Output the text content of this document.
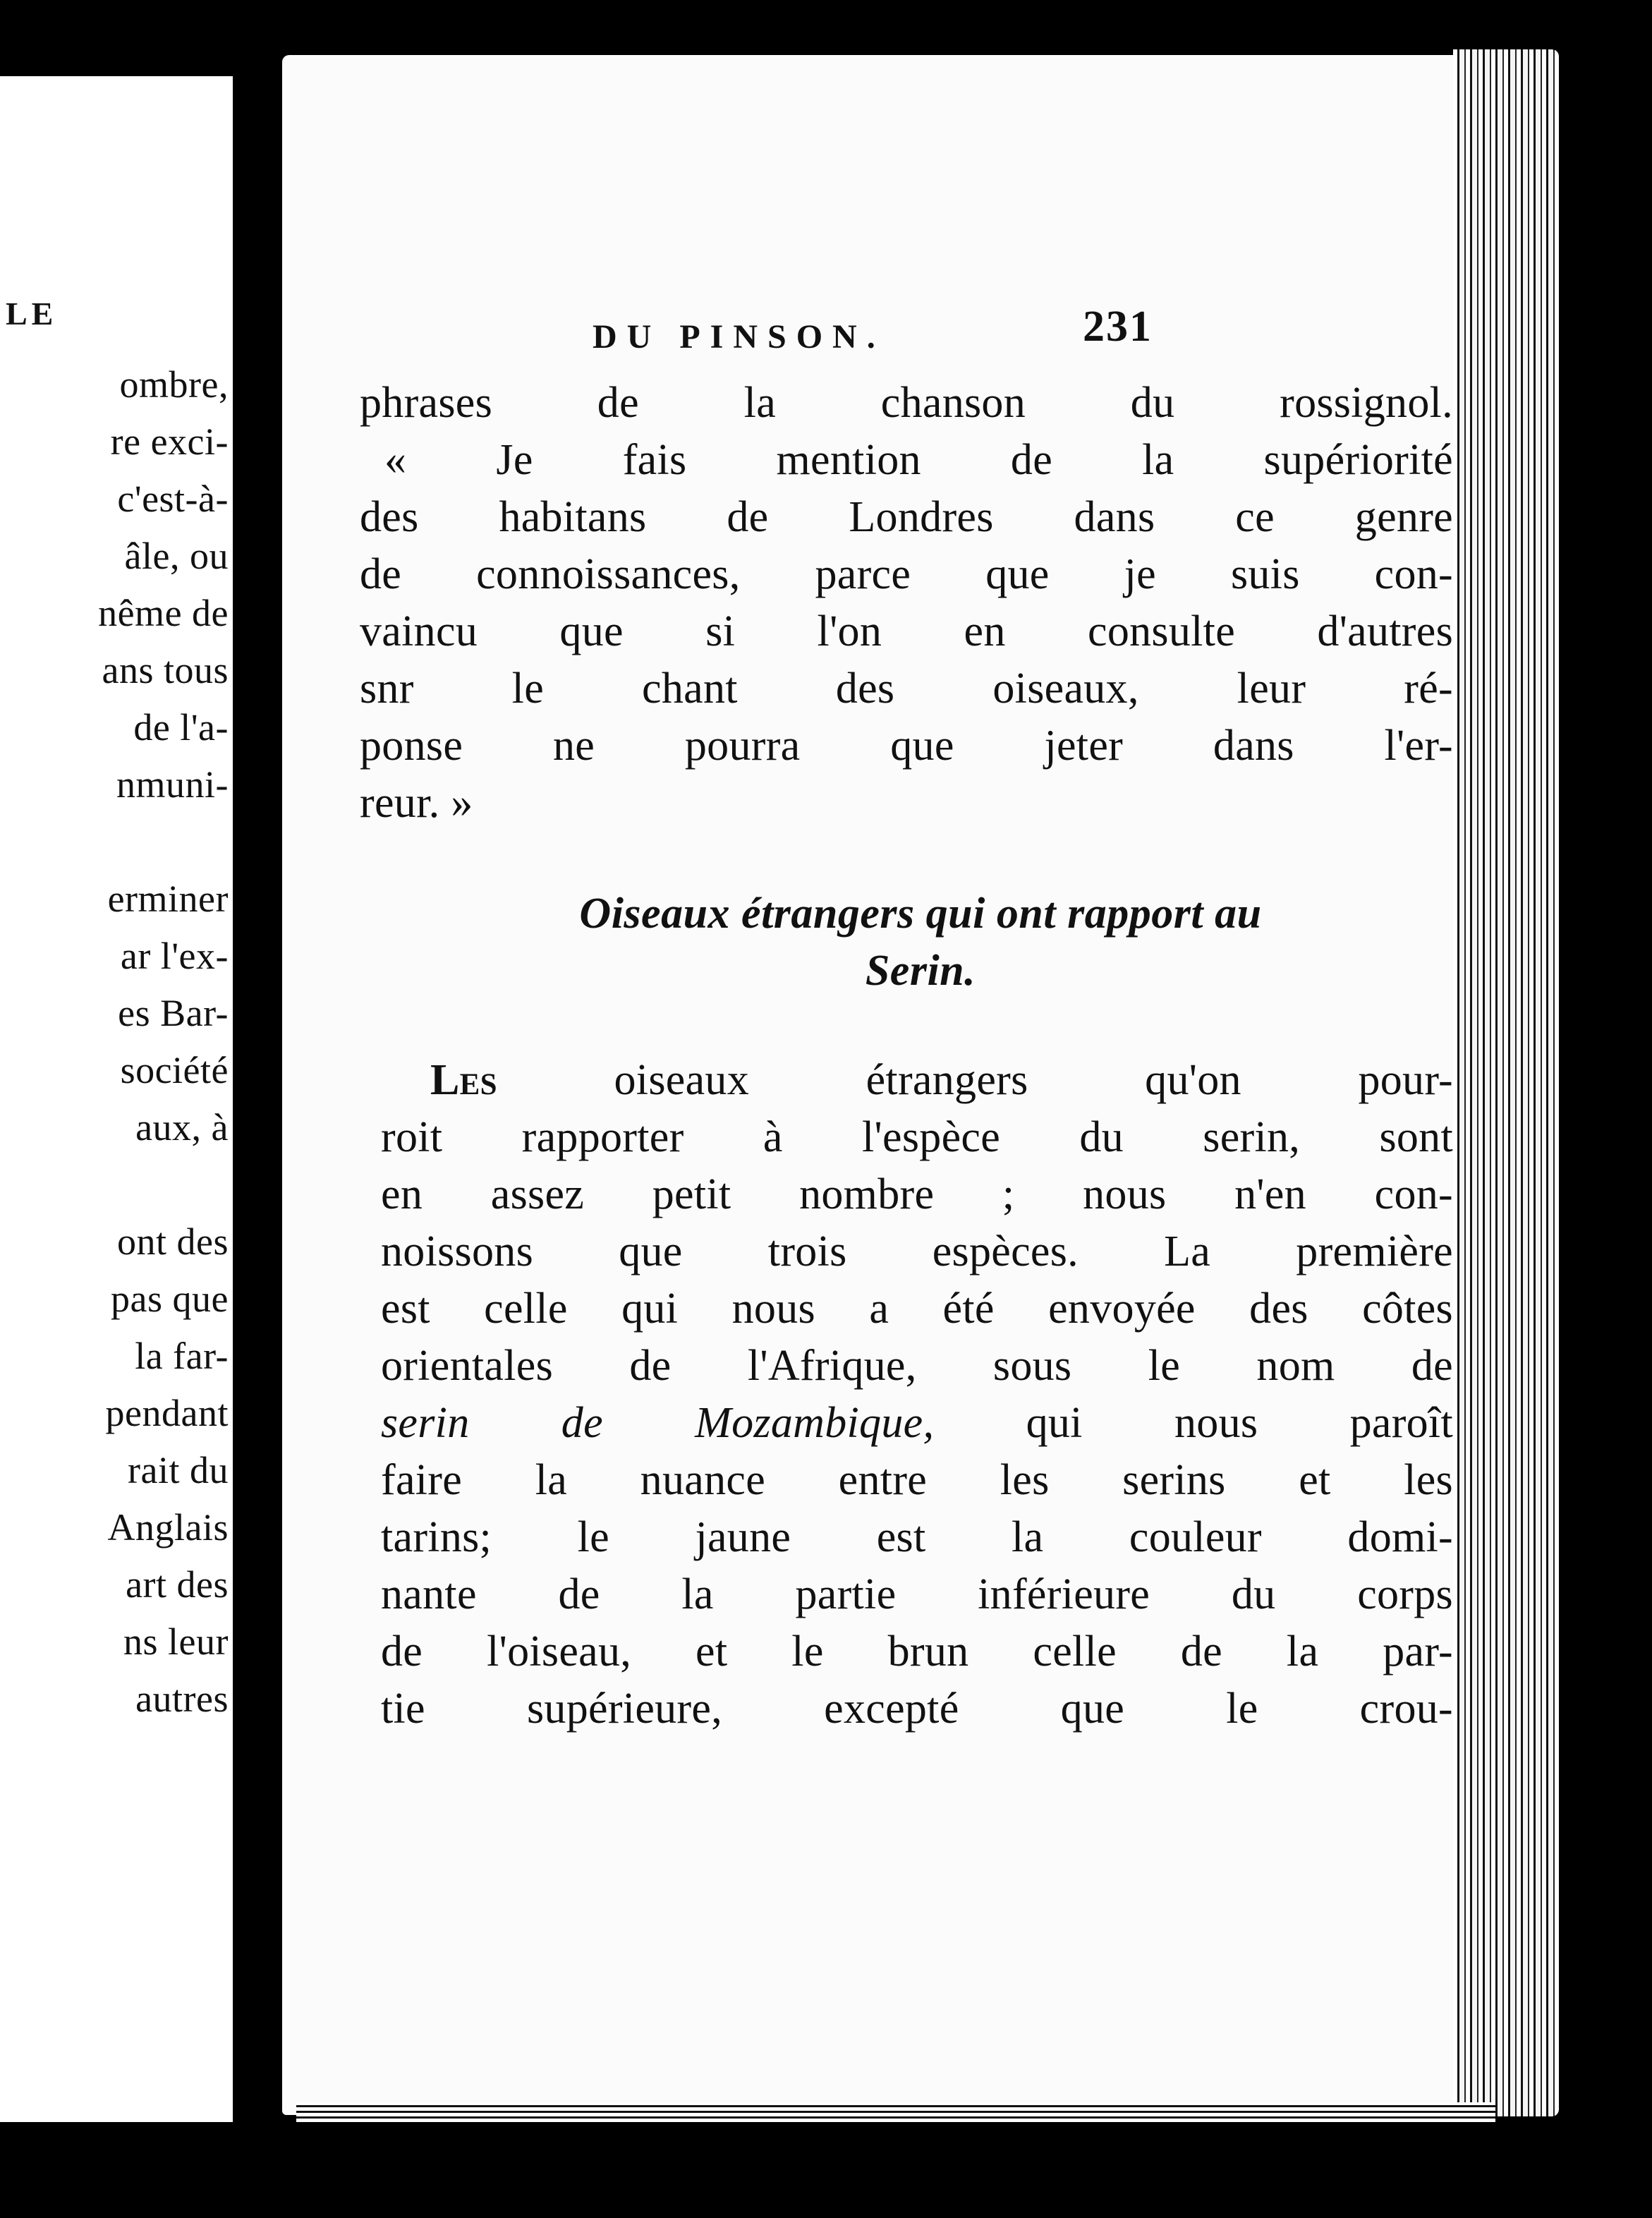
LE
ombre,
re exci-
c'est-à-
âle, ou
nême de
ans tous
de l'a-
nmuni-
erminer
ar l'ex-
es Bar-
société
aux, à
ont des
pas que
la far-
pendant
rait du
Anglais
art des
ns leur
autres
DU PINSON.	231
phrases de la chanson du rossignol.
« Je fais mention de la supériorité
des habitans de Londres dans ce genre
de connoissances, parce que je suis con-
vaincu que si l'on en consulte d'autres
snr le chant des oiseaux, leur ré-
ponse ne pourra que jeter dans l'er-
reur. »
Oiseaux étrangers qui ont rapport au
Serin.
Les	oiseaux étrangers qu'on pour-
roit rapporter à l'espèce du serin, sont
en assez petit nombre ; nous n'en con-
noissons que trois espèces. La première
est celle qui nous a été envoyée des côtes
orientales de l'Afrique, sous le nom de
serin de Mozambique, qui nous paroît
faire la nuance entre les serins et les
tarins; le jaune est la couleur domi-
nante de la partie inférieure du corps
de l'oiseau, et le brun celle de la par-
tie supérieure, excepté que le crou-
